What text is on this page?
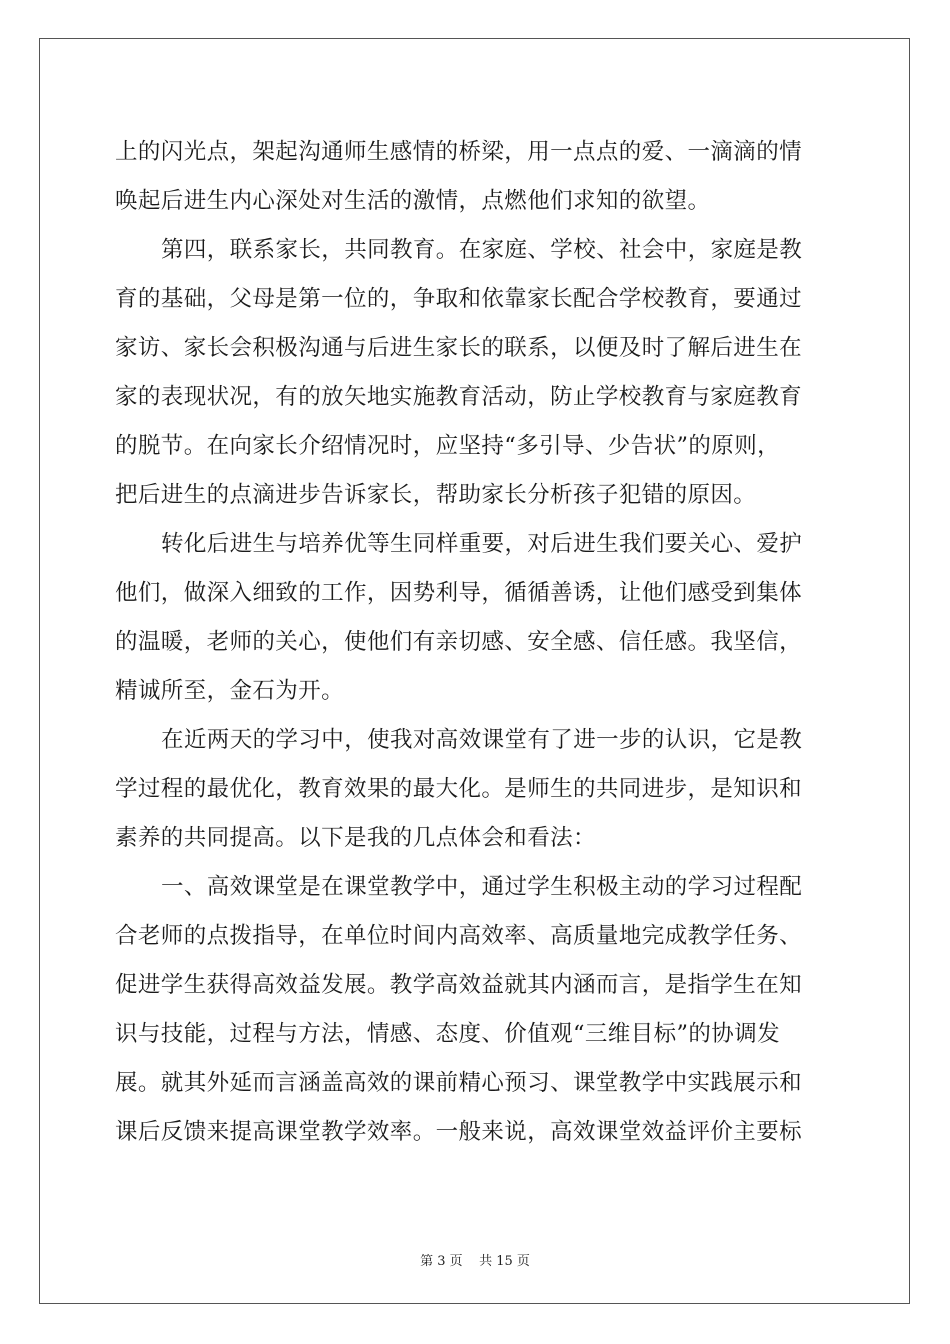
上的闪光点，架起沟通师生感情的桥梁，用一点点的爱、一滴滴的情
唤起后进生内心深处对生活的激情，点燃他们求知的欲望。
第四，联系家长，共同教育。在家庭、学校、社会中，家庭是教
育的基础，父母是第一位的，争取和依靠家长配合学校教育，要通过
家访、家长会积极沟通与后进生家长的联系，以便及时了解后进生在
家的表现状况，有的放矢地实施教育活动，防止学校教育与家庭教育
的脱节。在向家长介绍情况时，应坚持“多引导、少告状”的原则，
把后进生的点滴进步告诉家长，帮助家长分析孩子犯错的原因。
转化后进生与培养优等生同样重要，对后进生我们要关心、爱护
他们，做深入细致的工作，因势利导，循循善诱，让他们感受到集体
的温暖，老师的关心，使他们有亲切感、安全感、信任感。我坚信，
精诚所至，金石为开。
在近两天的学习中，使我对高效课堂有了进一步的认识，它是教
学过程的最优化，教育效果的最大化。是师生的共同进步，是知识和
素养的共同提高。以下是我的几点体会和看法：
一、高效课堂是在课堂教学中，通过学生积极主动的学习过程配
合老师的点拨指导，在单位时间内高效率、高质量地完成教学任务、
促进学生获得高效益发展。教学高效益就其内涵而言，是指学生在知
识与技能，过程与方法，情感、态度、价值观“三维目标”的协调发
展。就其外延而言涵盖高效的课前精心预习、课堂教学中实践展示和
课后反馈来提高课堂教学效率。一般来说，高效课堂效益评价主要标
第 3 页    共 15 页
